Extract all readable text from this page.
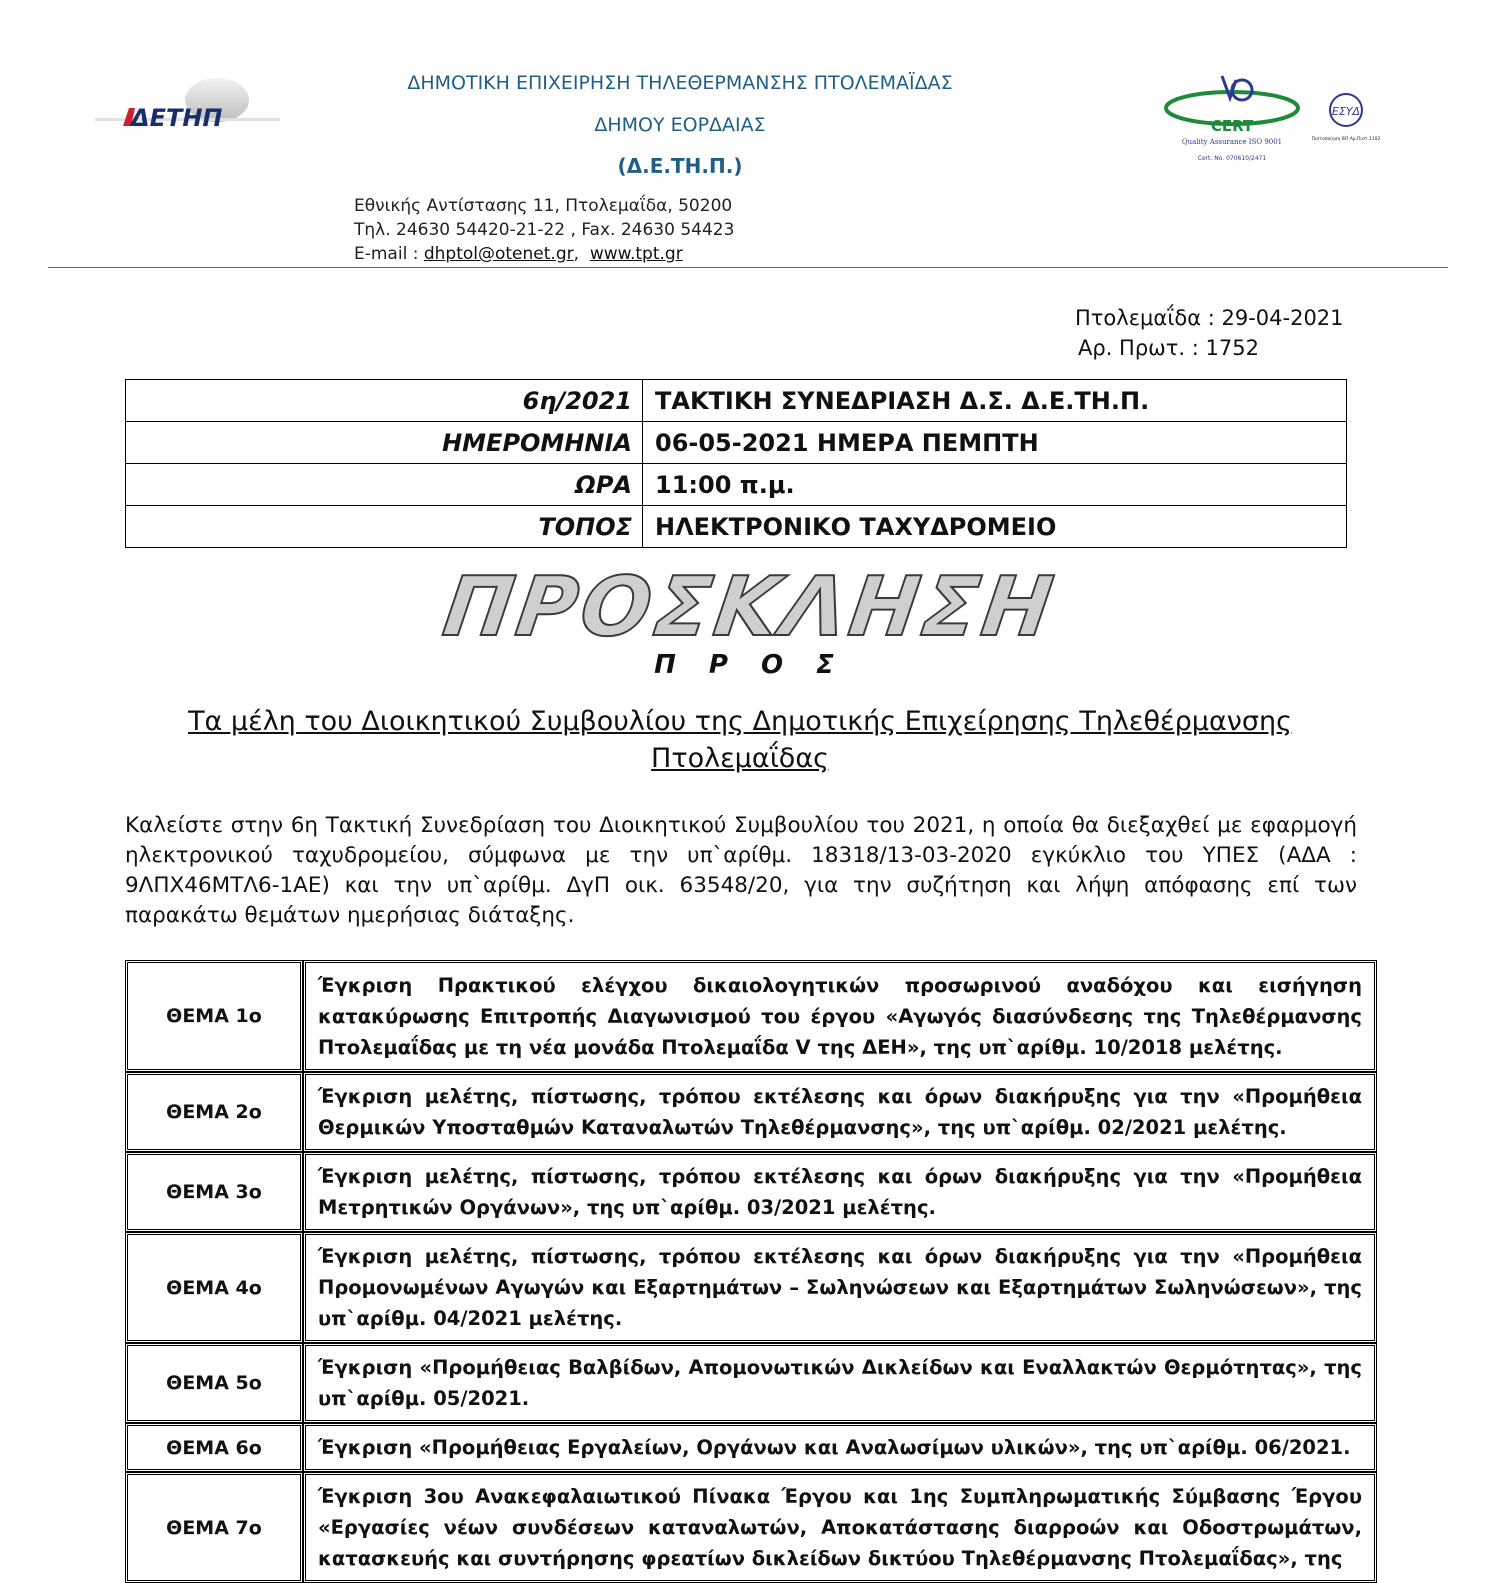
ΔΕΤΗΠ
ΔΗΜΟΤΙΚΗ ΕΠΙΧΕΙΡΗΣΗ ΤΗΛΕΘΕΡΜΑΝΣΗΣ ΠΤΟΛΕΜΑΪΔΑΣ
ΔΗΜΟΥ ΕΟΡΔΑΙΑΣ
(Δ.Ε.ΤΗ.Π.)
Εθνικής Αντίστασης 11, Πτολεμαΐδα, 50200
Τηλ. 24630 54420-21-22 , Fax. 24630 54423
E-mail : dhptol@otenet.gr,  www.tpt.gr
CERT
Quality Assurance ISO 9001
Cert. No. 070610/2471
ΕΣΥΔ
Πιστοποίηση ΒΠ Αρ.Πιστ.1102
Πτολεμαΐδα : 29-04-2021
Αρ. Πρωτ. : 1752
6η/2021	ΤΑΚΤΙΚΗ ΣΥΝΕΔΡΙΑΣΗ Δ.Σ. Δ.Ε.ΤΗ.Π.
ΗΜΕΡΟΜΗΝΙΑ	06-05-2021 ΗΜΕΡΑ ΠΕΜΠΤΗ
ΩΡΑ	11:00 π.μ.
ΤΟΠΟΣ	ΗΛΕΚΤΡΟΝΙΚΟ ΤΑΧΥΔΡΟΜΕΙΟ
ΠΡΟΣΚΛΗΣΗ
Π Ρ Ο Σ
Τα μέλη του Διοικητικού Συμβουλίου της Δημοτικής Επιχείρησης Τηλεθέρμανσης
Πτολεμαΐδας
Καλείστε στην 6η Τακτική Συνεδρίαση του Διοικητικού Συμβουλίου του 2021, η οποία θα διεξαχθεί με εφαρμογή ηλεκτρονικού ταχυδρομείου, σύμφωνα με την υπ`αρίθμ. 18318/13-03-2020 εγκύκλιο του ΥΠΕΣ (ΑΔΑ : 9ΛΠΧ46ΜΤΛ6-1ΑΕ) και την υπ`αρίθμ. ΔγΠ οικ. 63548/20, για την συζήτηση και λήψη απόφασης επί των παρακάτω θεμάτων ημερήσιας διάταξης.
ΘΕΜΑ 1ο	Έγκριση Πρακτικού ελέγχου δικαιολογητικών προσωρινού αναδόχου και εισήγηση κατακύρωσης Επιτροπής Διαγωνισμού του έργου «Αγωγός διασύνδεσης της Τηλεθέρμανσης Πτολεμαΐδας με τη νέα μονάδα Πτολεμαΐδα V της ΔΕΗ», της υπ`αρίθμ. 10/2018 μελέτης.
ΘΕΜΑ 2ο	Έγκριση μελέτης, πίστωσης, τρόπου εκτέλεσης και όρων διακήρυξης για την «Προμήθεια Θερμικών Υποσταθμών Καταναλωτών Τηλεθέρμανσης», της υπ`αρίθμ. 02/2021 μελέτης.
ΘΕΜΑ 3ο	Έγκριση μελέτης, πίστωσης, τρόπου εκτέλεσης και όρων διακήρυξης για την «Προμήθεια Μετρητικών Οργάνων», της υπ`αρίθμ. 03/2021 μελέτης.
ΘΕΜΑ 4ο	Έγκριση μελέτης, πίστωσης, τρόπου εκτέλεσης και όρων διακήρυξης για την «Προμήθεια Προμονωμένων Αγωγών και Εξαρτημάτων – Σωληνώσεων και Εξαρτημάτων Σωληνώσεων», της υπ`αρίθμ. 04/2021 μελέτης.
ΘΕΜΑ 5ο	Έγκριση «Προμήθειας Βαλβίδων, Απομονωτικών Δικλείδων και Εναλλακτών Θερμότητας», της υπ`αρίθμ. 05/2021.
ΘΕΜΑ 6ο	Έγκριση «Προμήθειας Εργαλείων, Οργάνων και Αναλωσίμων υλικών», της υπ`αρίθμ. 06/2021.
ΘΕΜΑ 7ο	Έγκριση 3ου Ανακεφαλαιωτικού Πίνακα Έργου και 1ης Συμπληρωματικής Σύμβασης Έργου «Εργασίες νέων συνδέσεων καταναλωτών, Αποκατάστασης διαρροών και Οδοστρωμάτων, κατασκευής και συντήρησης φρεατίων δικλείδων δικτύου Τηλεθέρμανσης Πτολεμαΐδας», της
